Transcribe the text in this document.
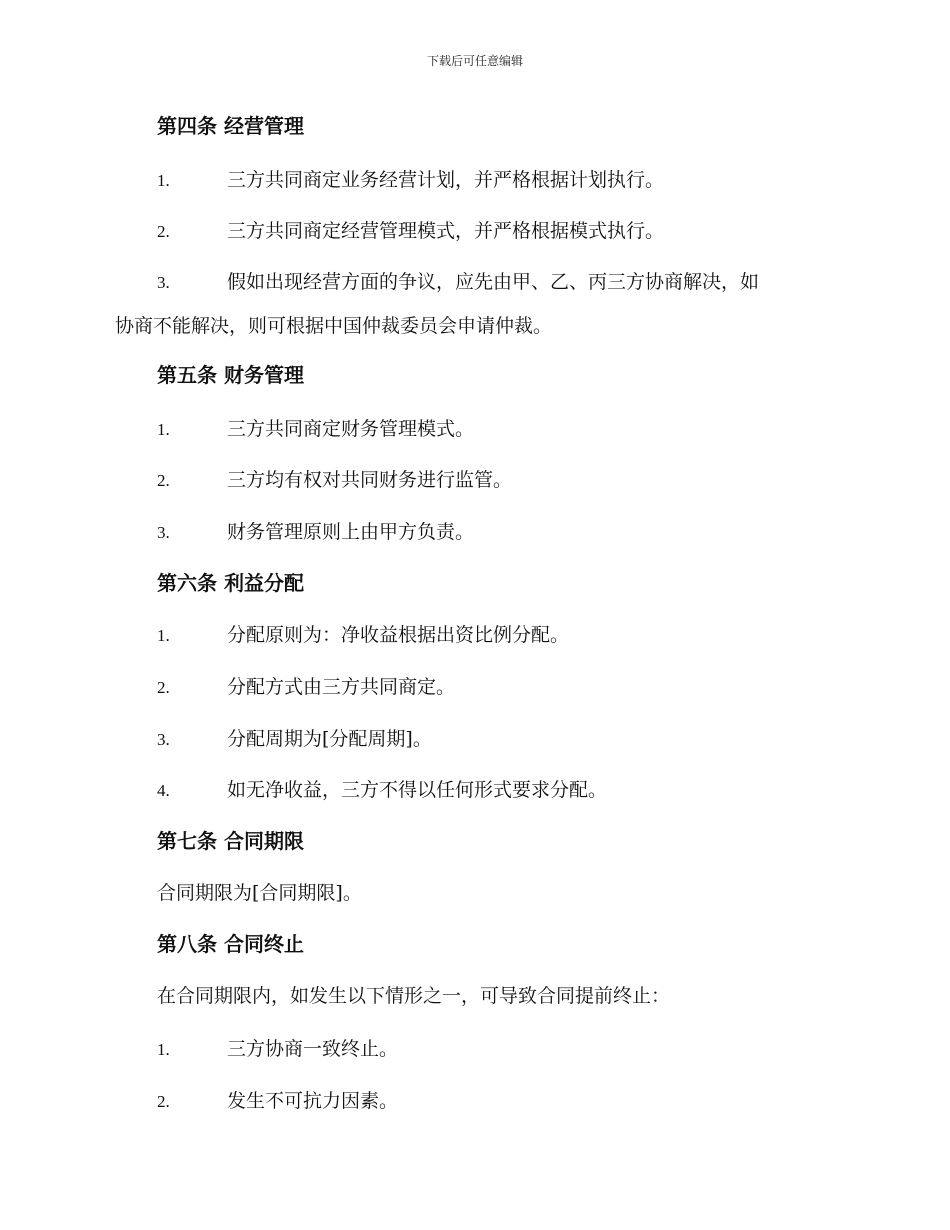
下载后可任意编辑
第四条 经营管理
1.	三方共同商定业务经营计划，并严格根据计划执行。
2.	三方共同商定经营管理模式，并严格根据模式执行。
3.	假如出现经营方面的争议，应先由甲、乙、丙三方协商解决，如
协商不能解决，则可根据中国仲裁委员会申请仲裁。
第五条 财务管理
1.	三方共同商定财务管理模式。
2.	三方均有权对共同财务进行监管。
3.	财务管理原则上由甲方负责。
第六条 利益分配
1.	分配原则为：净收益根据出资比例分配。
2.	分配方式由三方共同商定。
3.	分配周期为[分配周期]。
4.	如无净收益，三方不得以任何形式要求分配。
第七条 合同期限
合同期限为[合同期限]。
第八条 合同终止
在合同期限内，如发生以下情形之一，可导致合同提前终止：
1.	三方协商一致终止。
2.	发生不可抗力因素。
